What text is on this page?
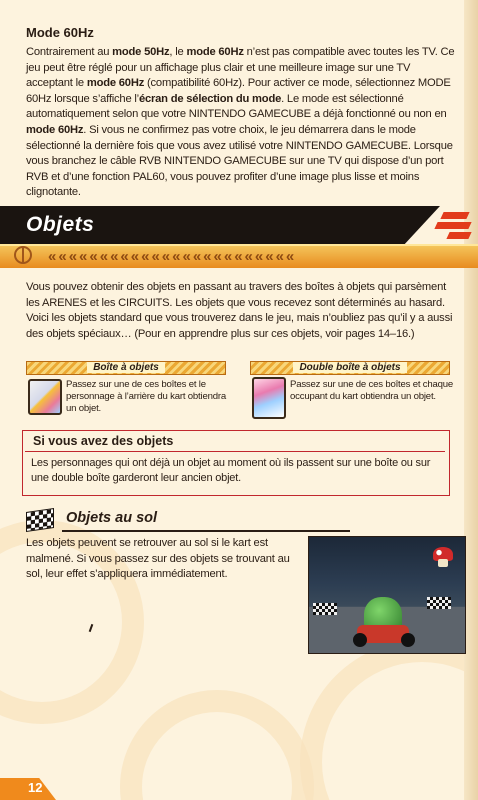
Mode 60Hz
Contrairement au mode 50Hz, le mode 60Hz n’est pas compatible avec toutes les TV. Ce jeu peut être réglé pour un affichage plus clair et une meilleure image sur une TV acceptant le mode 60Hz (compatibilité 60Hz). Pour activer ce mode, sélectionnez MODE 60Hz lorsque s’affiche l’écran de sélection du mode. Le mode est sélectionné automatiquement selon que votre NINTENDO GAMECUBE a déjà fonctionné ou non en mode 60Hz. Si vous ne confirmez pas votre choix, le jeu démarrera dans le mode sélectionné la dernière fois que vous avez utilisé votre NINTENDO GAMECUBE. Lorsque vous branchez le câble RVB NINTENDO GAMECUBE sur une TV qui dispose d’un port RVB et d’une fonction PAL60, vous pouvez profiter d’une image plus lisse et moins clignotante.
Objets
« « « « « « « « « « « « « « « « « « « « « « « «
Vous pouvez obtenir des objets en passant au travers des boîtes à objets qui parsèment les ARENES et les CIRCUITS. Les objets que vous recevez sont déterminés au hasard. Voici les objets standard que vous trouverez dans le jeu, mais n’oubliez pas qu’il y a aussi des objets spéciaux… (Pour en apprendre plus sur ces objets, voir pages 14–16.)
Boîte à objets
Passez sur une de ces boîtes et le personnage à l’arrière du kart obtiendra un objet.
Double boîte à objets
Passez sur une de ces boîtes et chaque occupant du kart obtiendra un objet.
Si vous avez des objets
Les personnages qui ont déjà un objet au moment où ils passent sur une boîte ou sur une double boîte garderont leur ancien objet.
Objets au sol
Les objets peuvent se retrouver au sol si le kart est malmené. Si vous passez sur des objets se trouvant au sol, leur effet s’appliquera immédiatement.
12
